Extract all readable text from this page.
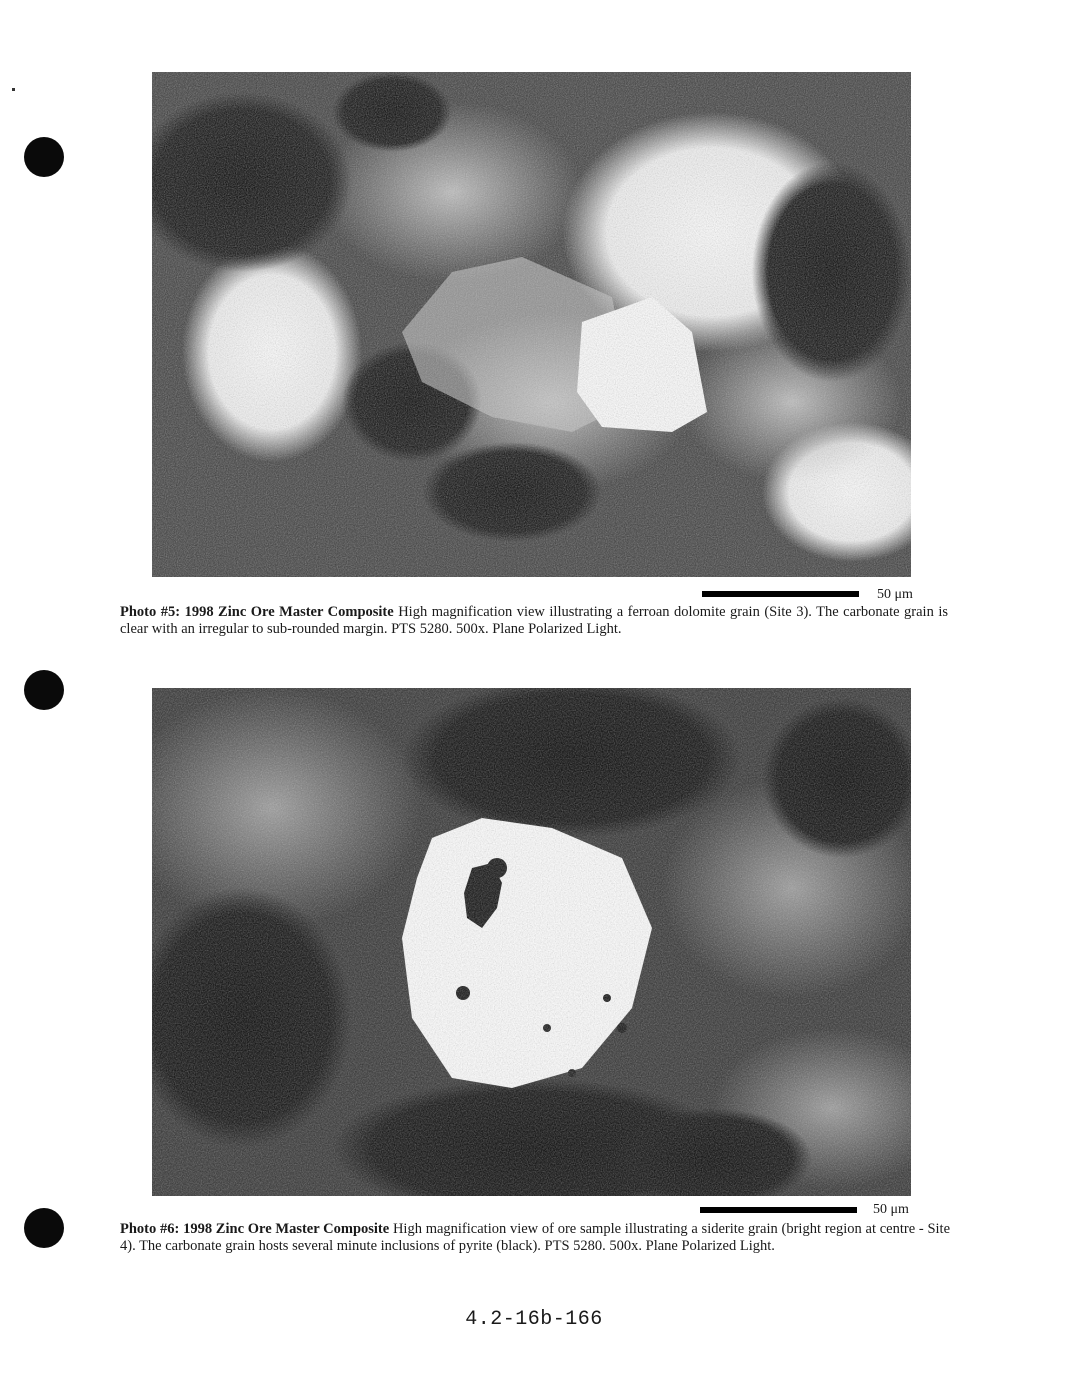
50 μm
Photo #5: 1998 Zinc Ore Master Composite High magnification view illustrating a ferroan dolomite grain (Site 3). The carbonate grain is clear with an irregular to sub-rounded margin. PTS 5280. 500x. Plane Polarized Light.
50 μm
Photo #6: 1998 Zinc Ore Master Composite High magnification view of ore sample illustrating a siderite grain (bright region at centre - Site 4). The carbonate grain hosts several minute inclusions of pyrite (black). PTS 5280. 500x. Plane Polarized Light.
4.2-16b-166
